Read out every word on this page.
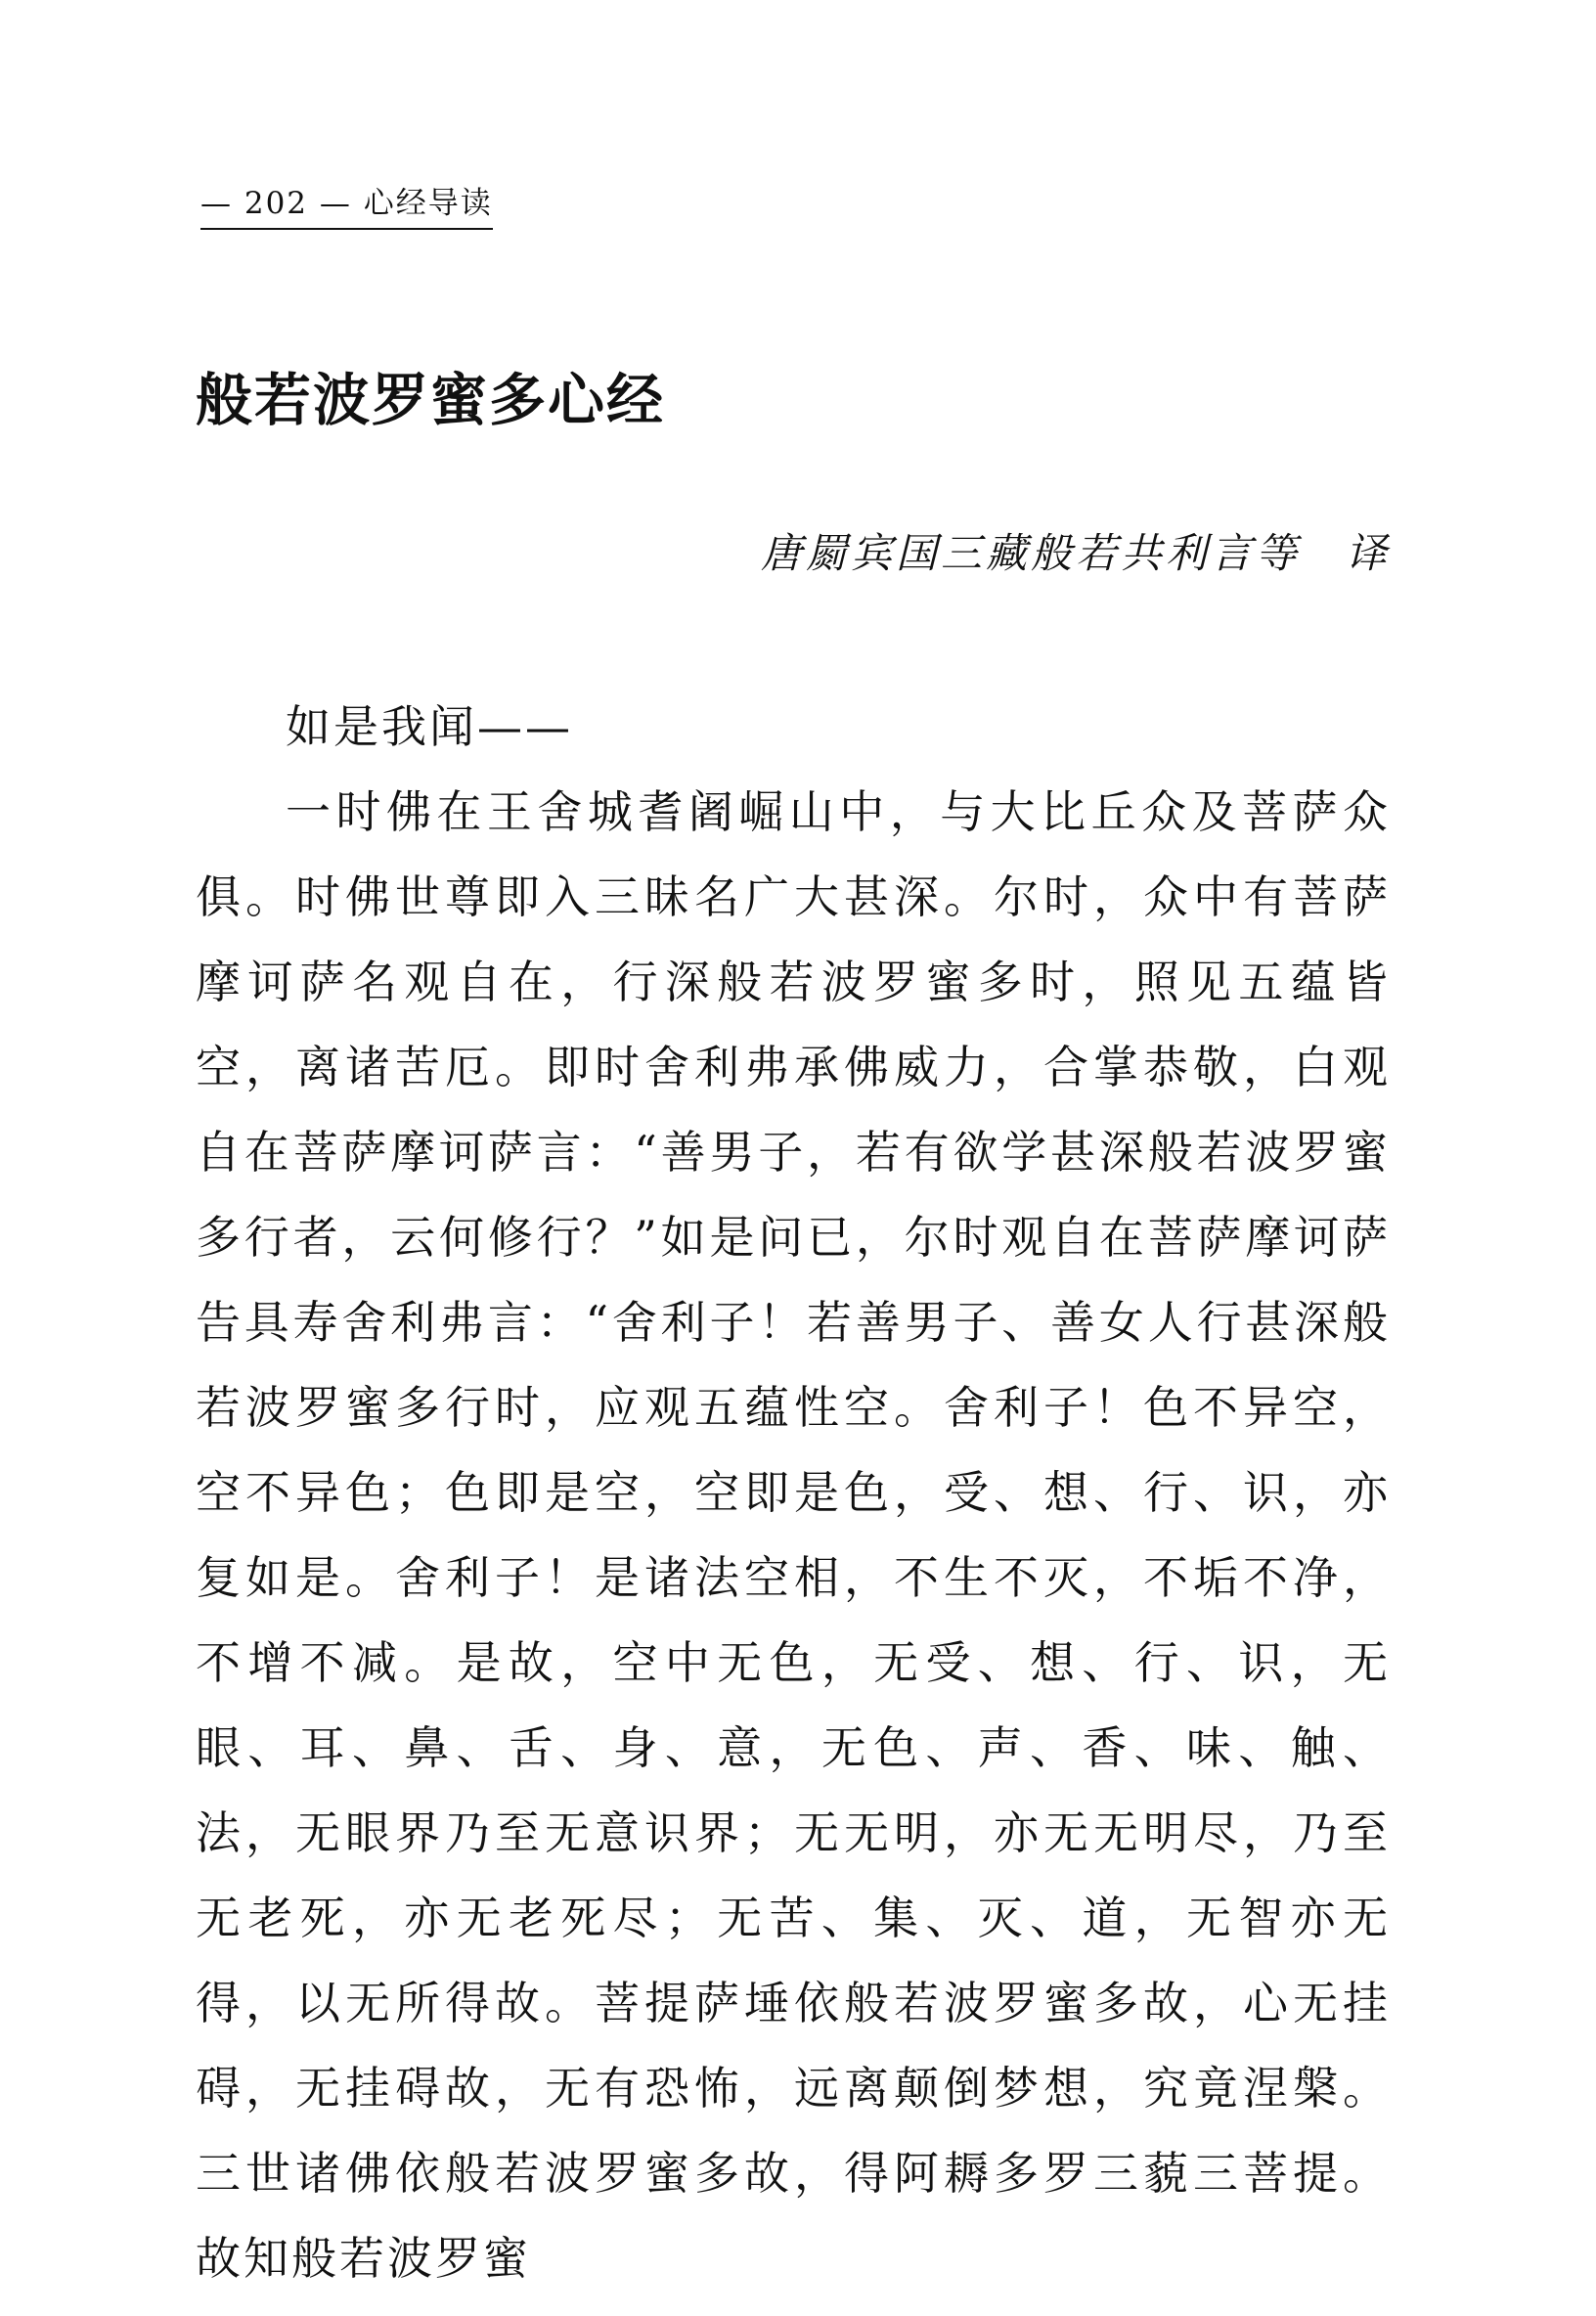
— 202 — 心经导读
般若波罗蜜多心经

唐罽宾国三藏般若共利言等　译

如是我闻——

一时佛在王舍城耆阇崛山中，与大比丘众及菩萨众俱。时佛世尊即入三昧名广大甚深。尔时，众中有菩萨摩诃萨名观自在，行深般若波罗蜜多时，照见五蕴皆空，离诸苦厄。即时舍利弗承佛威力，合掌恭敬，白观自在菩萨摩诃萨言：“善男子，若有欲学甚深般若波罗蜜多行者，云何修行？”如是问已，尔时观自在菩萨摩诃萨告具寿舍利弗言：“舍利子！若善男子、善女人行甚深般若波罗蜜多行时，应观五蕴性空。舍利子！色不异空，空不异色；色即是空，空即是色，受、想、行、识，亦复如是。舍利子！是诸法空相，不生不灭，不垢不净，不增不减。是故，空中无色，无受、想、行、识，无眼、耳、鼻、舌、身、意，无色、声、香、味、触、法，无眼界乃至无意识界；无无明，亦无无明尽，乃至无老死，亦无老死尽；无苦、集、灭、道，无智亦无得，以无所得故。菩提萨埵依般若波罗蜜多故，心无挂碍，无挂碍故，无有恐怖，远离颠倒梦想，究竟涅槃。三世诸佛依般若波罗蜜多故，得阿耨多罗三藐三菩提。故知般若波罗蜜
